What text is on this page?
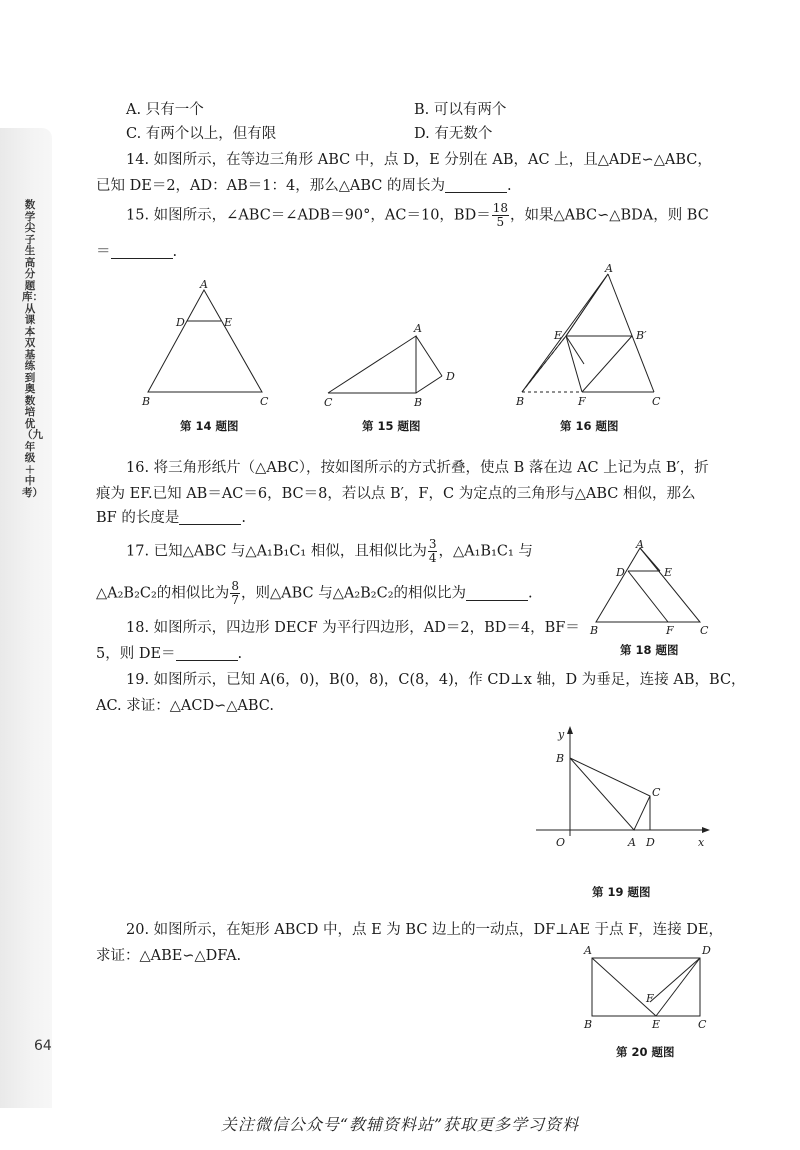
数学尖子生高分题库：从课本双基练到奥数培优（九年级＋中考）
64
A. 只有一个	B. 可以有两个
C. 有两个以上，但有限	D. 有无数个
14. 如图所示，在等边三角形 ABC 中，点 D，E 分别在 AB，AC 上，且△ADE∽△ABC，
已知 DE＝2，AD：AB＝1：4，那么△ABC 的周长为	.
15. 如图所示，∠ABC＝∠ADB＝90°，AC＝10，$BD= \frac{18}{5}$ ，如果△ABC∽△BDA，则 BC
＝	.
A
D	E
B	C
第 14 题图
A
D
C	B
第 15 题图
A
E	B′
B	F	C
第 16 题图
16. 将三角形纸片（△ABC），按如图所示的方式折叠，使点 B 落在边 AC 上记为点 B′，折
痕为 EF.已知 AB＝AC＝6，BC＝8，若以点 B′，F，C 为定点的三角形与△ABC 相似，那么
BF 的长度是	.
17. 已知△ABC 与△A₁B₁C₁ 相似，且相似比为 $\frac{3}{4}$ ，△A₁B₁C₁ 与
△A₂B₂C₂的相似比为 $\frac{8}{7}$ ，则△ABC 与△A₂B₂C₂的相似比为	.
A
D	E
B	F C
第 18 题图
18. 如图所示，四边形 DECF 为平行四边形，AD＝2，BD＝4，BF＝
5，则 DE＝	.
19. 如图所示，已知 A(6，0)，B(0，8)，C(8，4)，作 CD⊥x 轴，D 为垂足，连接 AB，BC，
AC. 求证：△ACD∽△ABC.
y
B
C
O	A D	x
第 19 题图
20. 如图所示，在矩形 ABCD 中，点 E 为 BC 边上的一动点，DF⊥AE 于点 F，连接 DE，
求证：△ABE∽△DFA.	A	D
F
B	E	C
第 20 题图
关注微信公众号“教辅资料站”获取更多学习资料
